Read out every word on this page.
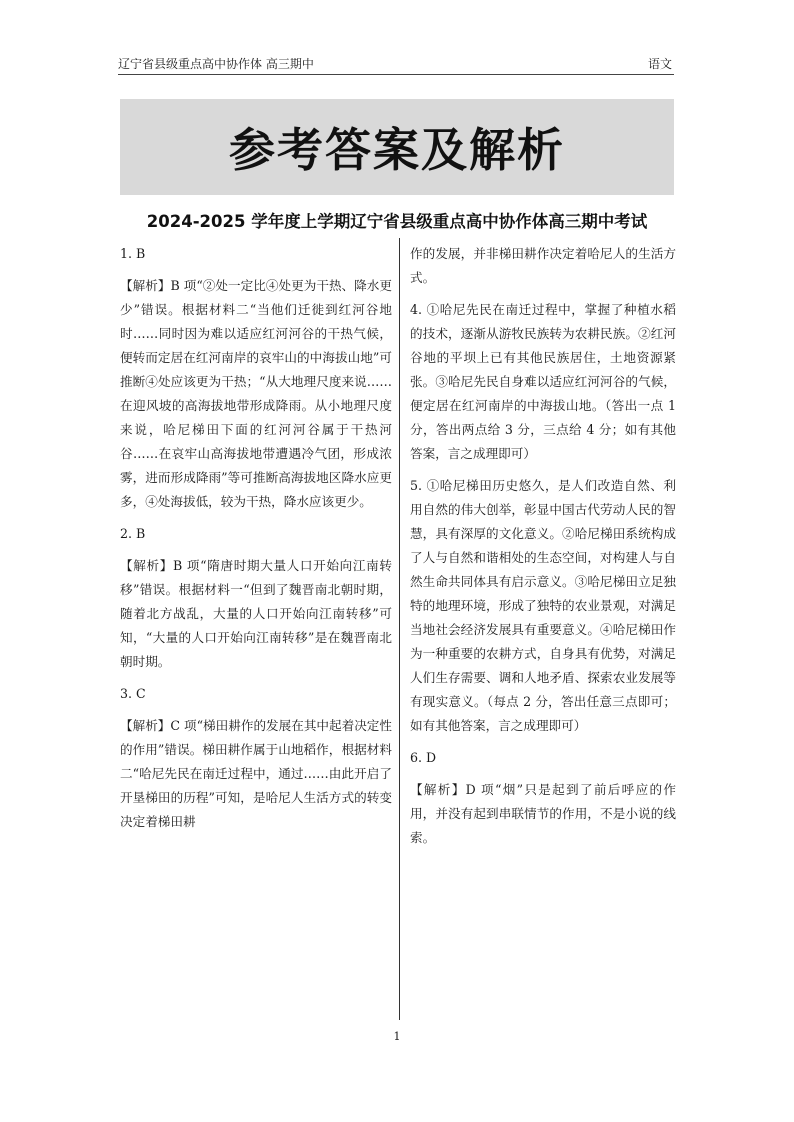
辽宁省县级重点高中协作体 高三期中	语文
参考答案及解析
2024-2025 学年度上学期辽宁省县级重点高中协作体高三期中考试

1. B

【解析】B 项“②处一定比④处更为干热、降水更少”错误。根据材料二“当他们迁徙到红河谷地时……同时因为难以适应红河河谷的干热气候，便转而定居在红河南岸的哀牢山的中海拔山地”可推断④处应该更为干热；“从大地理尺度来说……在迎风坡的高海拔地带形成降雨。从小地理尺度来说，哈尼梯田下面的红河河谷属于干热河谷……在哀牢山高海拔地带遭遇冷气团，形成浓雾，进而形成降雨”等可推断高海拔地区降水应更多，④处海拔低，较为干热，降水应该更少。

2. B

【解析】B 项“隋唐时期大量人口开始向江南转移”错误。根据材料一“但到了魏晋南北朝时期，随着北方战乱，大量的人口开始向江南转移”可知，“大量的人口开始向江南转移”是在魏晋南北朝时期。

3. C

【解析】C 项“梯田耕作的发展在其中起着决定性的作用”错误。梯田耕作属于山地稻作，根据材料二“哈尼先民在南迁过程中，通过……由此开启了开垦梯田的历程”可知，是哈尼人生活方式的转变决定着梯田耕

作的发展，并非梯田耕作决定着哈尼人的生活方式。

4. ①哈尼先民在南迁过程中，掌握了种植水稻的技术，逐渐从游牧民族转为农耕民族。②红河谷地的平坝上已有其他民族居住，土地资源紧张。③哈尼先民自身难以适应红河河谷的气候，便定居在红河南岸的中海拔山地。（答出一点 1 分，答出两点给 3 分，三点给 4 分；如有其他答案，言之成理即可）

5. ①哈尼梯田历史悠久，是人们改造自然、利用自然的伟大创举，彰显中国古代劳动人民的智慧，具有深厚的文化意义。②哈尼梯田系统构成了人与自然和谐相处的生态空间，对构建人与自然生命共同体具有启示意义。③哈尼梯田立足独特的地理环境，形成了独特的农业景观，对满足当地社会经济发展具有重要意义。④哈尼梯田作为一种重要的农耕方式，自身具有优势，对满足人们生存需要、调和人地矛盾、探索农业发展等有现实意义。（每点 2 分，答出任意三点即可；如有其他答案，言之成理即可）

6. D

【解析】D 项“烟”只是起到了前后呼应的作用，并没有起到串联情节的作用，不是小说的线索。

1
